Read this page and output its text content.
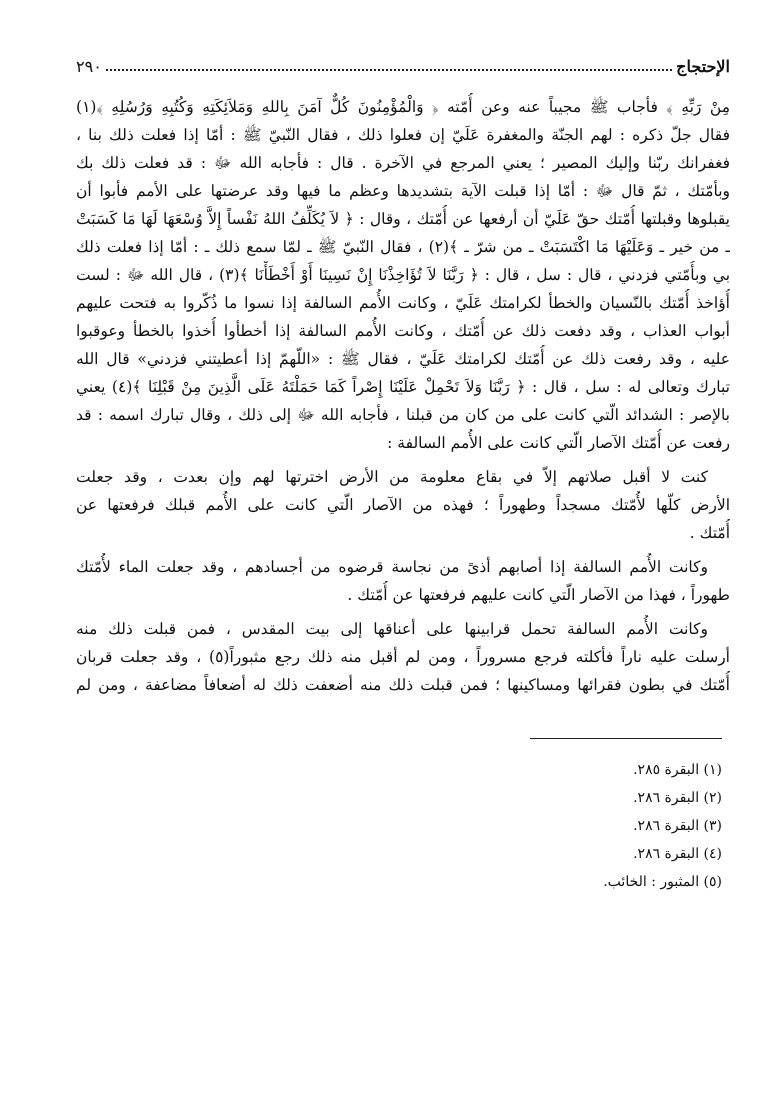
الإحتجاج
٢٩٠
مِنْ رَبِّهِ ﴾ فأجاب ﷺ مجيباً عنه وعن أُمّته ﴿ وَالْمُؤْمِنُونَ كُلٌّ آمَنَ بِاللهِ وَمَلاَئِكَتِهِ وَكُتُبِهِ وَرُسُلِهِ ﴾(١)
فقال جلّ ذكره : لهم الجنّة والمغفرة عَلَيّ إن فعلوا ذلك ، فقال النّبيّ ﷺ : أمّا إذا فعلت ذلك بنا ،
فغفرانك ربّنا وإليك المصير ؛ يعني المرجع في الآخرة . قال : فأجابه الله ﷻ : قد فعلت ذلك بك
وبأمّتك ، ثمّ قال ﷻ : أمّا إذا قبلت الآية بتشديدها وعظم ما فيها وقد عرضتها على الأمم فأبوا أن
يقبلوها وقبلتها أُمّتك حقّ عَلَيّ أن أرفعها عن أُمّتك ، وقال : ﴿ لاَ يُكَلِّفُ اللهُ نَفْساً إِلاَّ وُسْعَهَا لَهَا مَا كَسَبَتْ
ـ من خير ـ وَعَلَيْهَا مَا اكْتَسَبَتْ ـ من شرّ ـ ﴾(٢) ، فقال النّبيّ ﷺ ـ لمّا سمع ذلك ـ : أمّا إذا فعلت ذلك
بي وبأُمّتي فزدني ، قال : سل ، قال : ﴿ رَبَّنَا لاَ تُؤَاخِذْنَا إِنْ نَسِينَا أَوْ أَخْطَأْنَا ﴾(٣) ، قال الله ﷻ : لست
أُؤاخذ أُمّتك بالنّسيان والخطأ لكرامتك عَلَيّ ، وكانت الأُمم السالفة إذا نسوا ما ذُكّروا به فتحت عليهم
أبواب العذاب ، وقد دفعت ذلك عن أُمّتك ، وكانت الأُمم السالفة إذا أخطأوا أُخذوا بالخطأ وعوقبوا
عليه ، وقد رفعت ذلك عن أُمّتك لكرامتك عَلَيّ ، فقال ﷺ : «اللّهمّ إذا أعطيتني فزدني» قال الله
تبارك وتعالى له : سل ، قال : ﴿ رَبَّنَا وَلاَ تَحْمِلْ عَلَيْنَا إِصْراً كَمَا حَمَلْتَهُ عَلَى الَّذِينَ مِنْ قَبْلِنَا ﴾(٤) يعني
بالإصر : الشدائد الّتي كانت على من كان من قبلنا ، فأجابه الله ﷻ إلى ذلك ، وقال تبارك اسمه : قد
رفعت عن أُمّتك الآصار الّتي كانت على الأُمم السالفة :
كنت لا أقبل صلاتهم إلاّ في بقاع معلومة من الأرض اخترتها لهم وإن بعدت ، وقد جعلت
الأرض كلّها لأُمّتك مسجداً وطهوراً ؛ فهذه من الآصار الّتي كانت على الأُمم قبلك فرفعتها عن
أُمّتك .
وكانت الأُمم السالفة إذا أصابهم أذىً من نجاسة قرضوه من أجسادهم ، وقد جعلت الماء لأُمّتك
طهوراً ، فهذا من الآصار الّتي كانت عليهم فرفعتها عن أُمّتك .
وكانت الأُمم السالفة تحمل قرابينها على أعناقها إلى بيت المقدس ، فمن قبلت ذلك منه
أرسلت عليه ناراً فأكلته فرجع مسروراً ، ومن لم أقبل منه ذلك رجع مثبوراً(٥) ، وقد جعلت قربان
أُمّتك في بطون فقرائها ومساكينها ؛ فمن قبلت ذلك منه أضعفت ذلك له أضعافاً مضاعفة ، ومن لم
(١) البقرة ٢٨٥.
(٢) البقرة ٢٨٦.
(٣) البقرة ٢٨٦.
(٤) البقرة ٢٨٦.
(٥) المثبور : الخائب.
